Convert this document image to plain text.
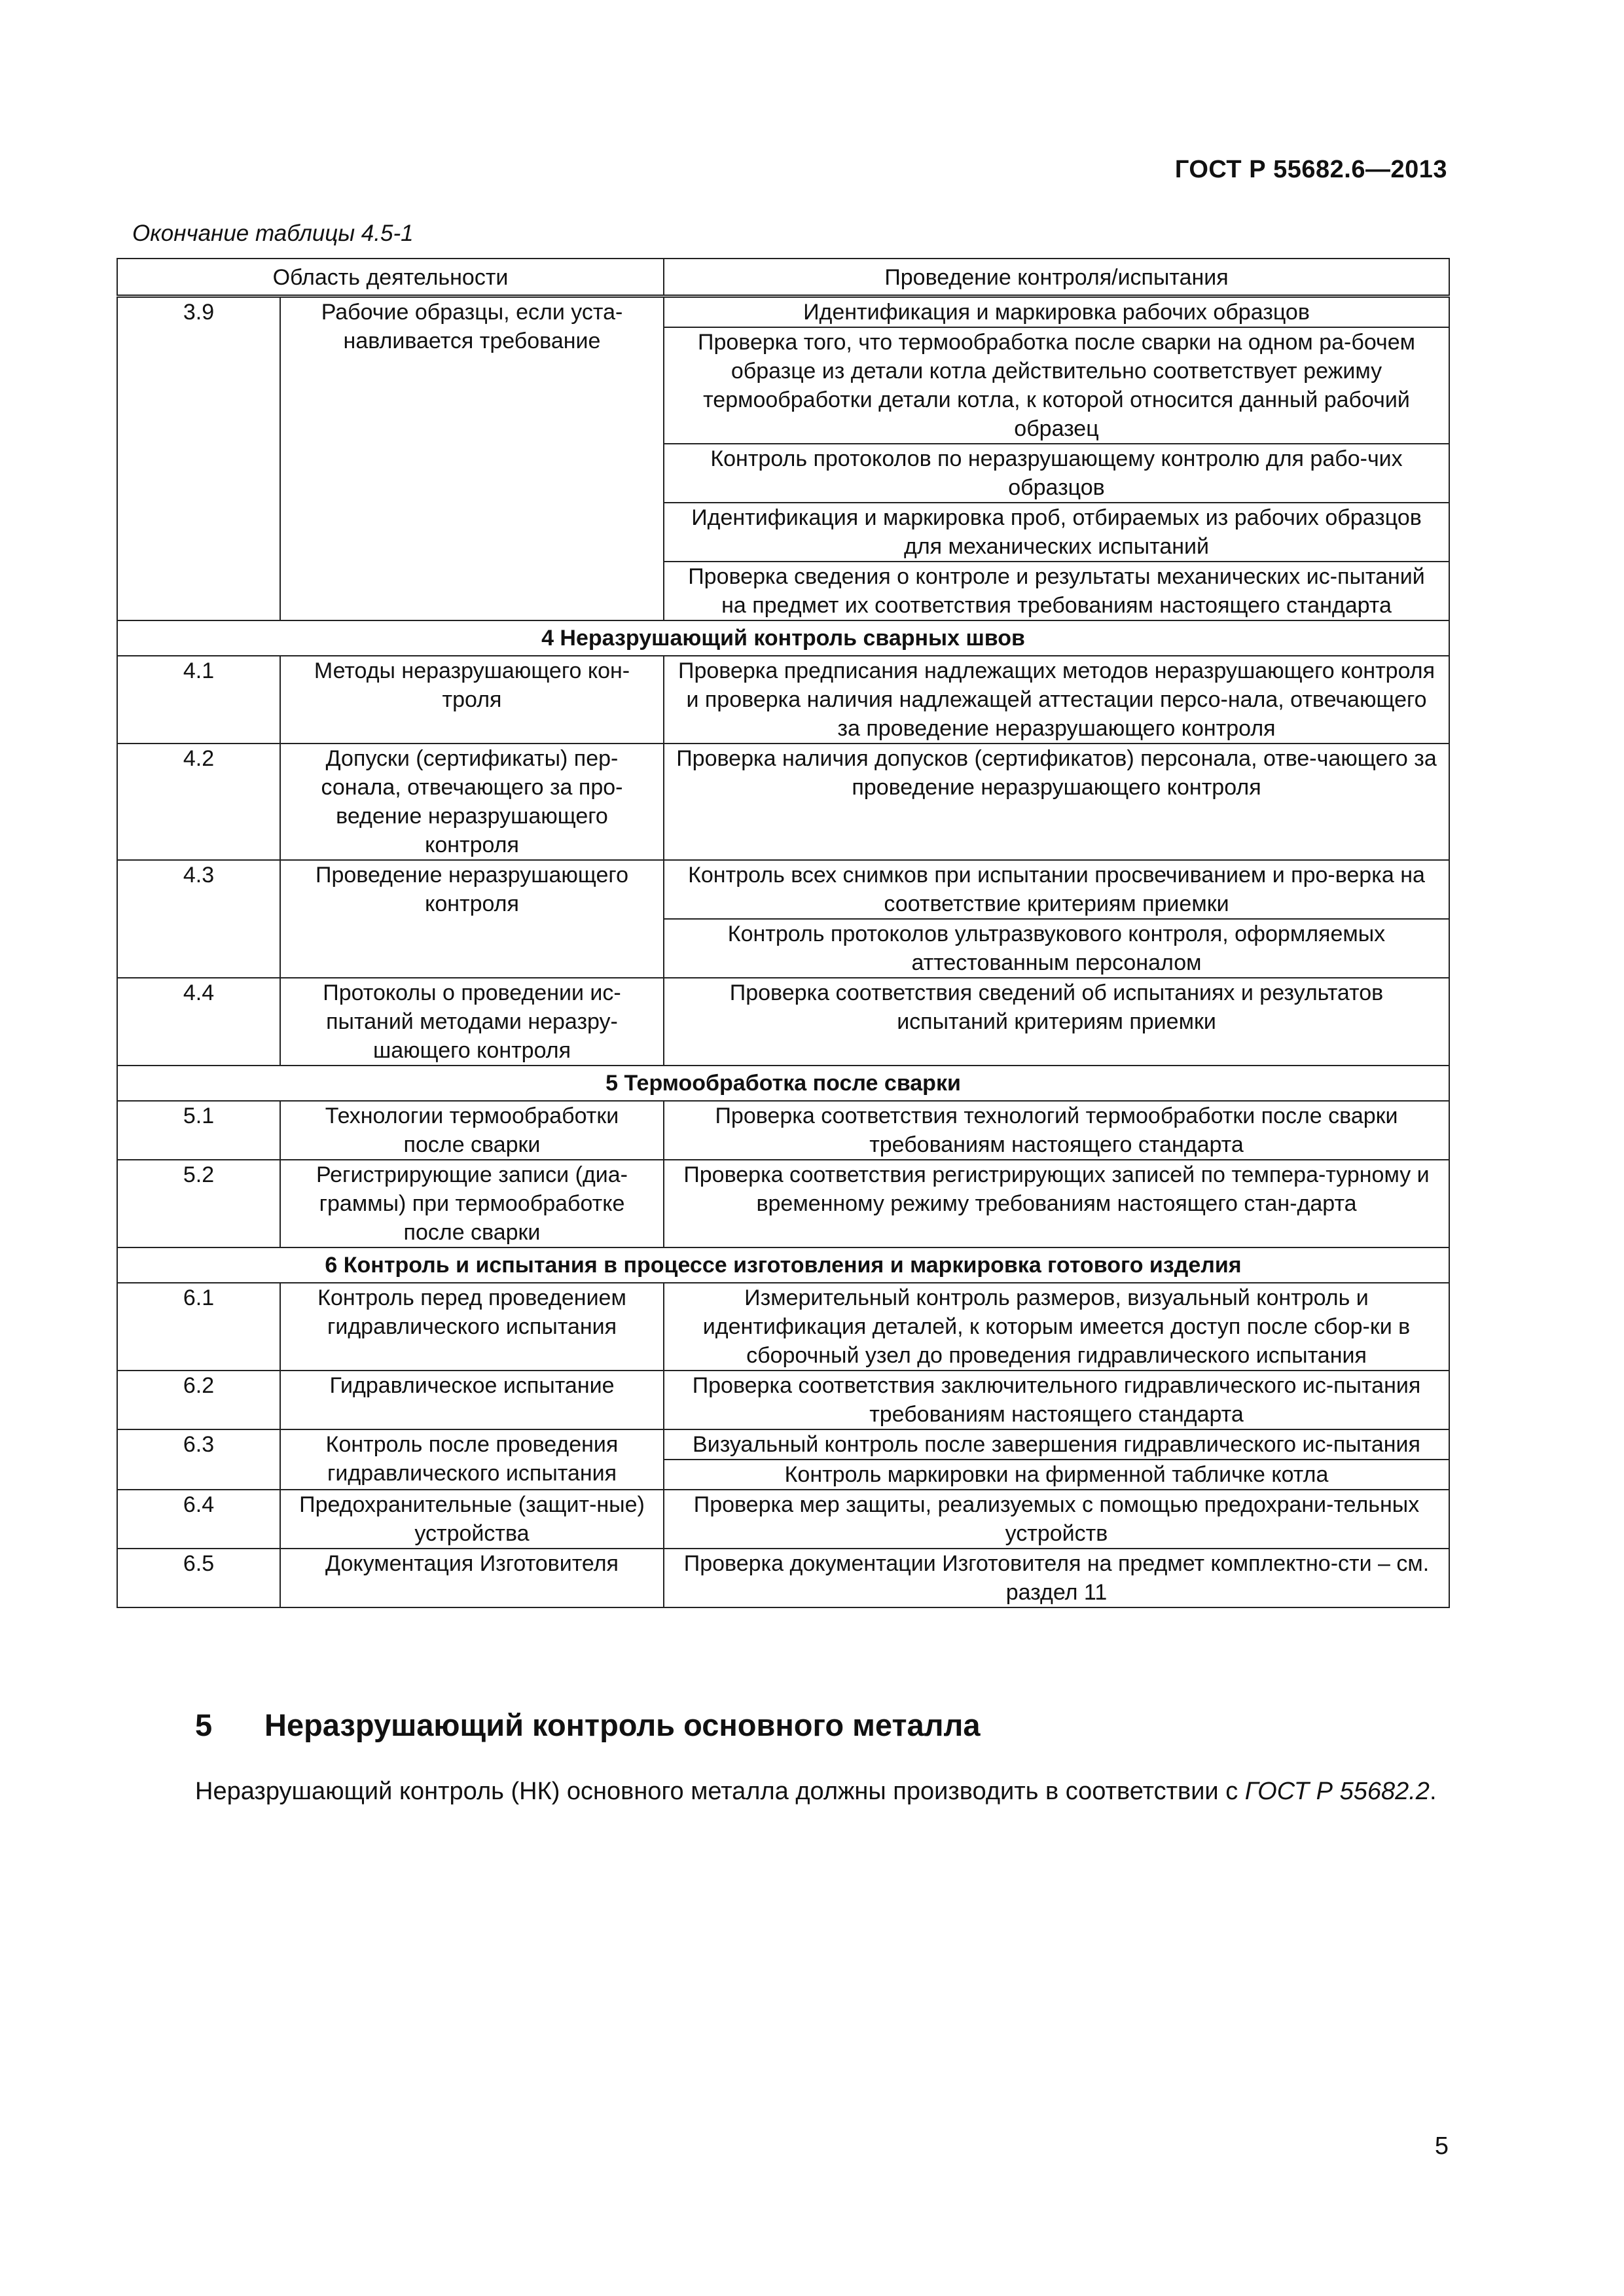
ГОСТ Р 55682.6—2013
Окончание таблицы 4.5-1
Область деятельности		Проведение контроля/испытания
3.9	Рабочие образцы, если уста-навливается требование	Идентификация и маркировка рабочих образцов
		Проверка того, что термообработка после сварки на одном ра-бочем образце из детали котла действительно соответствует режиму термообработки детали котла, к которой относится данный рабочий образец
		Контроль протоколов по неразрушающему контролю для рабо-чих образцов
		Идентификация и маркировка проб, отбираемых из рабочих образцов для механических испытаний
		Проверка сведения о контроле и результаты механических ис-пытаний на предмет их соответствия требованиям настоящего стандарта
4 Неразрушающий контроль сварных швов		
4.1	Методы неразрушающего кон-троля	Проверка предписания надлежащих методов неразрушающего контроля и проверка наличия надлежащей аттестации персо-нала, отвечающего за проведение неразрушающего контроля
4.2	Допуски (сертификаты) пер-сонала, отвечающего за про-ведение неразрушающего контроля	Проверка наличия допусков (сертификатов) персонала, отве-чающего за проведение неразрушающего контроля
4.3	Проведение неразрушающего контроля	Контроль всех снимков при испытании просвечиванием и про-верка на соответствие критериям приемки
		Контроль протоколов ультразвукового контроля, оформляемых аттестованным персоналом
4.4	Протоколы о проведении ис-пытаний методами неразру-шающего контроля	Проверка соответствия сведений об испытаниях и результатов испытаний критериям приемки
5 Термообработка после сварки		
5.1	Технологии термообработки после сварки	Проверка соответствия технологий термообработки после сварки требованиям настоящего стандарта
5.2	Регистрирующие записи (диа-граммы) при термообработке после сварки	Проверка соответствия регистрирующих записей по темпера-турному и временному режиму требованиям настоящего стан-дарта
6 Контроль и испытания в процессе изготовления и маркировка готового изделия		
6.1	Контроль перед проведением гидравлического испытания	Измерительный контроль размеров, визуальный контроль и идентификация деталей, к которым имеется доступ после сбор-ки в сборочный узел до проведения гидравлического испытания
6.2	Гидравлическое испытание	Проверка соответствия заключительного гидравлического ис-пытания требованиям настоящего стандарта
6.3	Контроль после проведения гидравлического испытания	Визуальный контроль после завершения гидравлического ис-пытания
		Контроль маркировки на фирменной табличке котла
6.4	Предохранительные (защит-ные) устройства	Проверка мер защиты, реализуемых с помощью предохрани-тельных устройств
6.5	Документация Изготовителя	Проверка документации Изготовителя на предмет комплектно-сти – см. раздел 11
5 Неразрушающий контроль основного металла
Неразрушающий контроль (НК) основного металла должны производить в соответствии с ГОСТ Р 55682.2.
5
